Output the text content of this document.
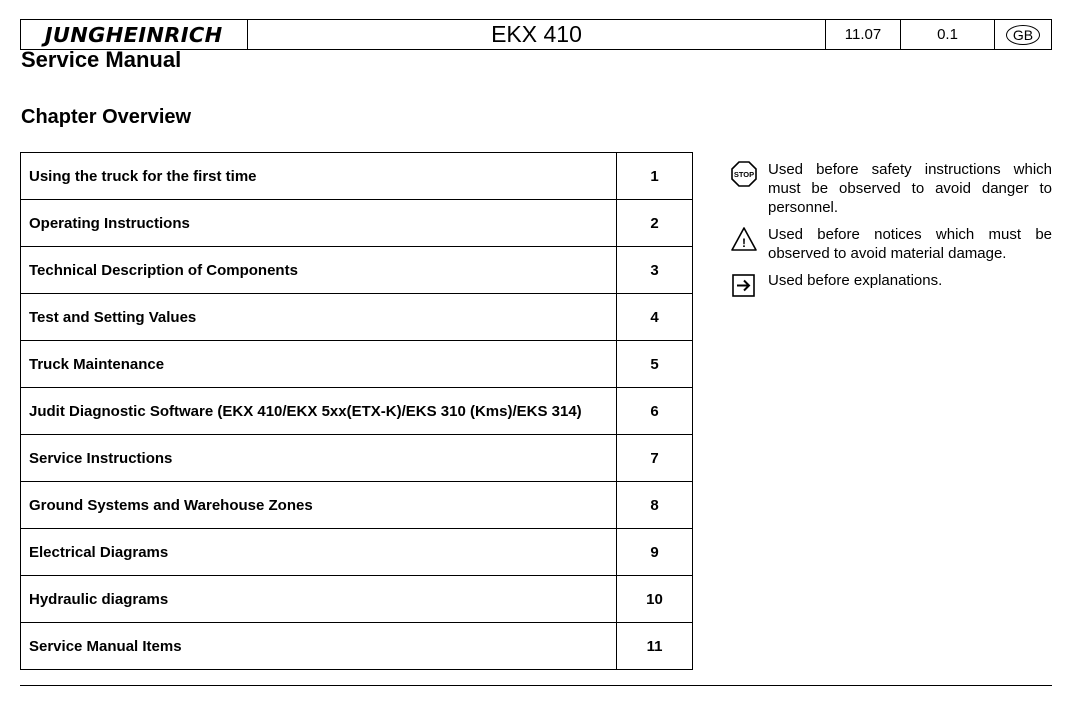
JUNGHEINRICH	EKX 410	11.07	0.1	GB
Service Manual
Chapter Overview
Using the truck for the first time	1
Operating Instructions	2
Technical Description of Components	3
Test and Setting Values	4
Truck Maintenance	5
Judit Diagnostic Software (EKX 410/EKX 5xx(ETX-K)/EKS 310 (Kms)/EKS 314)	6
Service Instructions	7
Ground Systems and Warehouse Zones	8
Electrical Diagrams	9
Hydraulic diagrams	10
Service Manual Items	11
STOP Used before safety instructions which must be observed to avoid danger to personnel.
! Used before notices which must be observed to avoid material damage.
Used before explanations.
